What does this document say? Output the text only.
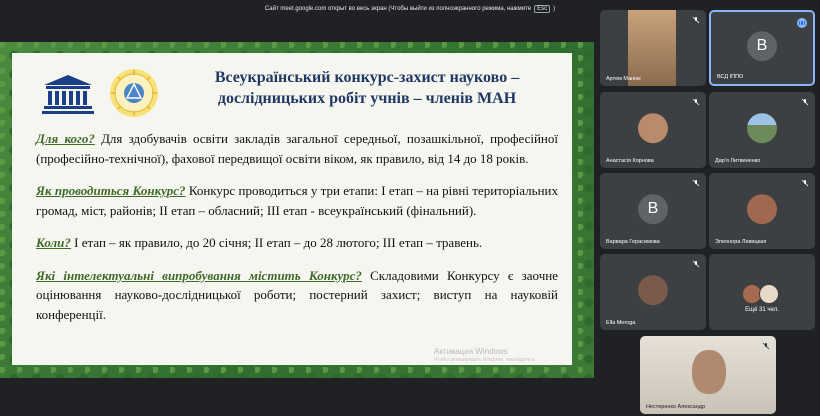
Сайт meet.google.com открыт во весь экран (Чтобы выйти из полноэкранного режима, нажмите	Esc	)
Всеукраїнський конкурс-захист науково –
дослідницьких робіт учнів – членів МАН

Для кого? Для здобувачів освіти закладів загальної середньої, позашкільної, професійної (професійно-технічної), фахової передвищої освіти віком, як правило, від 14 до 18 років.

Як проводиться Конкурс? Конкурс проводиться у три етапи: І етап – на рівні територіальних громад, міст, районів; ІІ етап – обласний; ІІІ етап - всеукраїнський (фінальний).

Коли? І етап – як правило, до 20 січня; ІІ етап – до 28 лютого; ІІІ етап – травень.

Які інтелектуальні випробування містить Конкурс? Складовими Конкурсу є заочне оцінювання науково-дослідницької роботи; постерний захист; виступ на науковій конференції.

Активация Windows
Чтобы активировать Windows, перейдите в
Артем Манюк
В
ВСД ІППО
Анастасія Корнова	Дар'я Литвиненко
В
Варвара Герасимова	Элеонора Левицкая
Ella Meroga
Ещё 31 чел.
Нестеренко Александр
